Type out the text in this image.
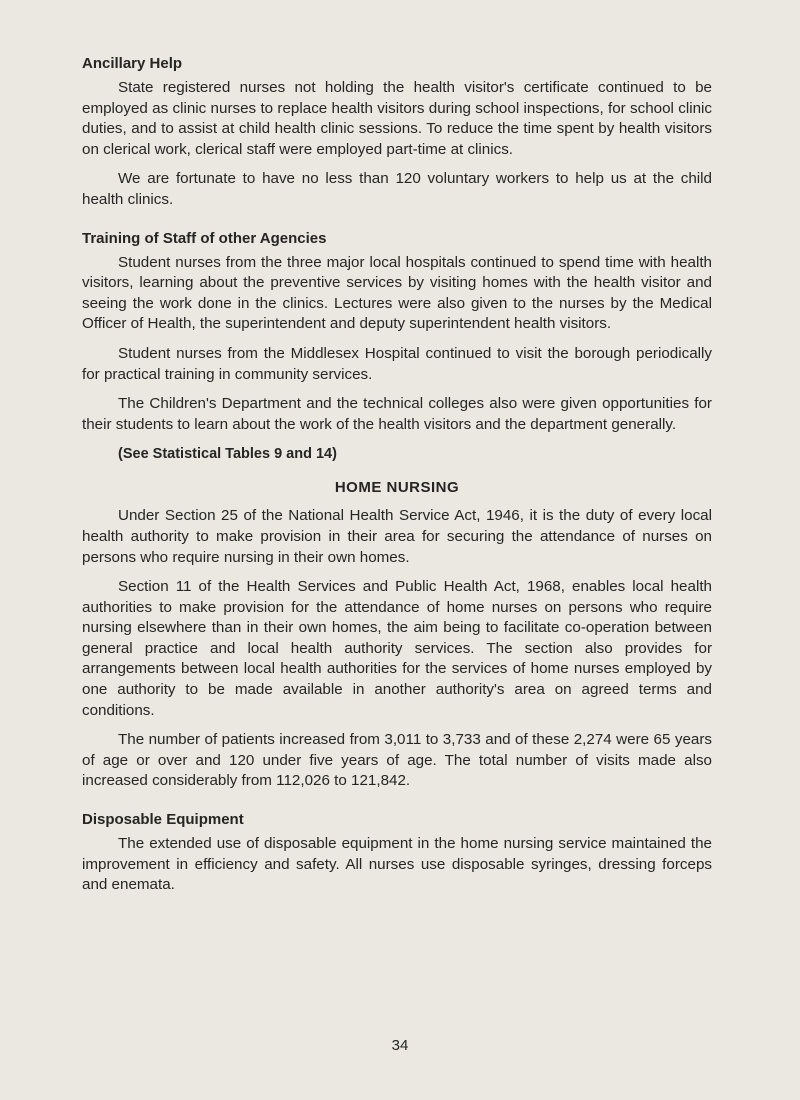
Ancillary Help

State registered nurses not holding the health visitor's certificate continued to be employed as clinic nurses to replace health visitors during school inspections, for school clinic duties, and to assist at child health clinic sessions. To reduce the time spent by health visitors on clerical work, clerical staff were employed part-time at clinics.

We are fortunate to have no less than 120 voluntary workers to help us at the child health clinics.

Training of Staff of other Agencies

Student nurses from the three major local hospitals continued to spend time with health visitors, learning about the preventive services by visiting homes with the health visitor and seeing the work done in the clinics. Lectures were also given to the nurses by the Medical Officer of Health, the superintendent and deputy superintendent health visitors.

Student nurses from the Middlesex Hospital continued to visit the borough periodically for practical training in community services.

The Children's Department and the technical colleges also were given opportunities for their students to learn about the work of the health visitors and the department generally.

(See Statistical Tables 9 and 14)
HOME NURSING

Under Section 25 of the National Health Service Act, 1946, it is the duty of every local health authority to make provision in their area for securing the attendance of nurses on persons who require nursing in their own homes.

Section 11 of the Health Services and Public Health Act, 1968, enables local health authorities to make provision for the attendance of home nurses on persons who require nursing elsewhere than in their own homes, the aim being to facilitate co-operation between general practice and local health authority services. The section also provides for arrangements between local health authorities for the services of home nurses employed by one authority to be made available in another authority's area on agreed terms and conditions.

The number of patients increased from 3,011 to 3,733 and of these 2,274 were 65 years of age or over and 120 under five years of age. The total number of visits made also increased considerably from 112,026 to 121,842.

Disposable Equipment

The extended use of disposable equipment in the home nursing service maintained the improvement in efficiency and safety. All nurses use disposable syringes, dressing forceps and enemata.

34
